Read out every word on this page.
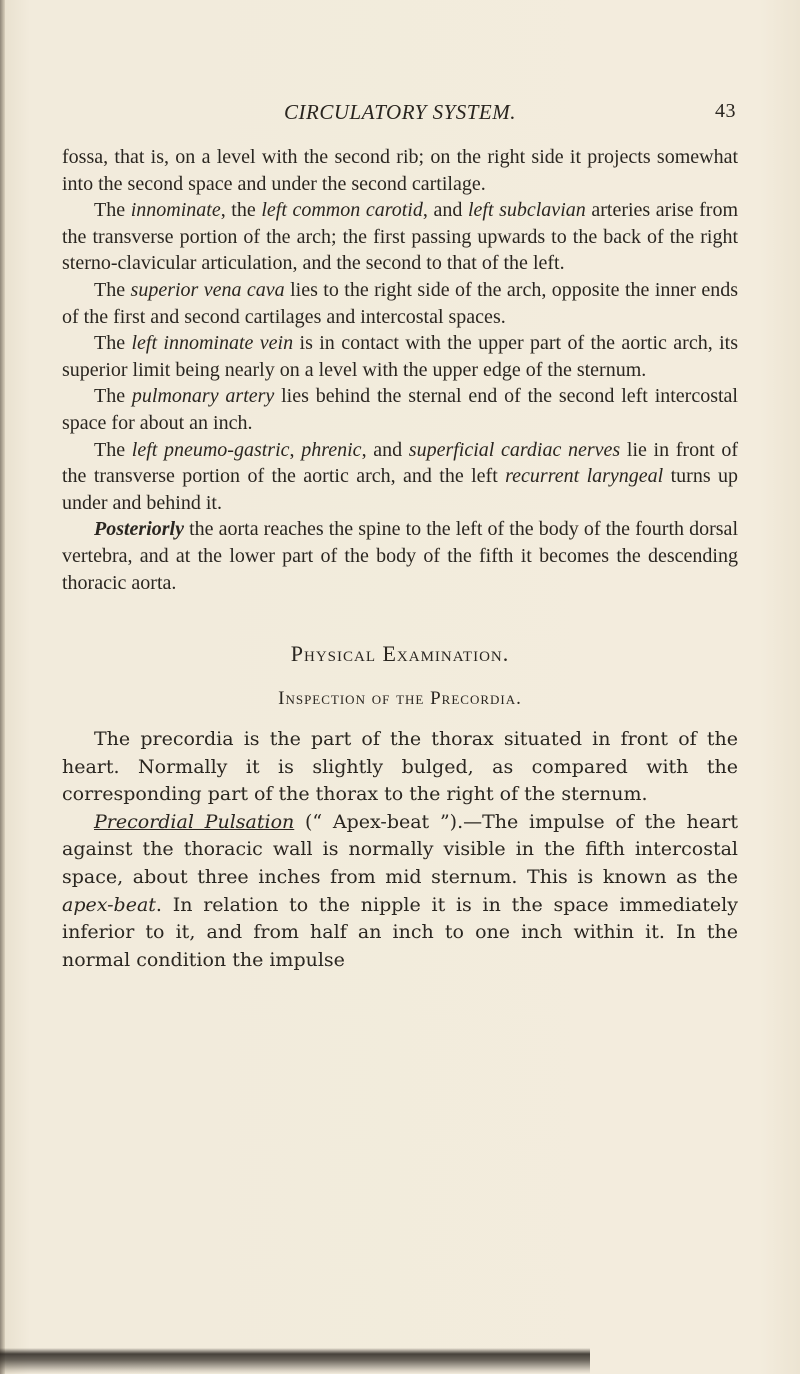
CIRCULATORY SYSTEM.	43

fossa, that is, on a level with the second rib; on the right side it projects somewhat into the second space and under the second cartilage.

The innominate, the left common carotid, and left subclavian arteries arise from the transverse portion of the arch; the first passing upwards to the back of the right sterno-clavicular articulation, and the second to that of the left.

The superior vena cava lies to the right side of the arch, opposite the inner ends of the first and second cartilages and intercostal spaces.

The left innominate vein is in contact with the upper part of the aortic arch, its superior limit being nearly on a level with the upper edge of the sternum.

The pulmonary artery lies behind the sternal end of the second left intercostal space for about an inch.

The left pneumo-gastric, phrenic, and superficial cardiac nerves lie in front of the transverse portion of the aortic arch, and the left recurrent laryngeal turns up under and behind it.

Posteriorly the aorta reaches the spine to the left of the body of the fourth dorsal vertebra, and at the lower part of the body of the fifth it becomes the descending thoracic aorta.

Physical Examination.
Inspection of the Precordia.

The precordia is the part of the thorax situated in front of the heart. Normally it is slightly bulged, as compared with the corresponding part of the thorax to the right of the sternum.

Precordial Pulsation (“ Apex-beat ”).—The impulse of the heart against the thoracic wall is normally visible in the fifth intercostal space, about three inches from mid sternum. This is known as the apex-beat. In relation to the nipple it is in the space immediately inferior to it, and from half an inch to one inch within it. In the normal condition the impulse
